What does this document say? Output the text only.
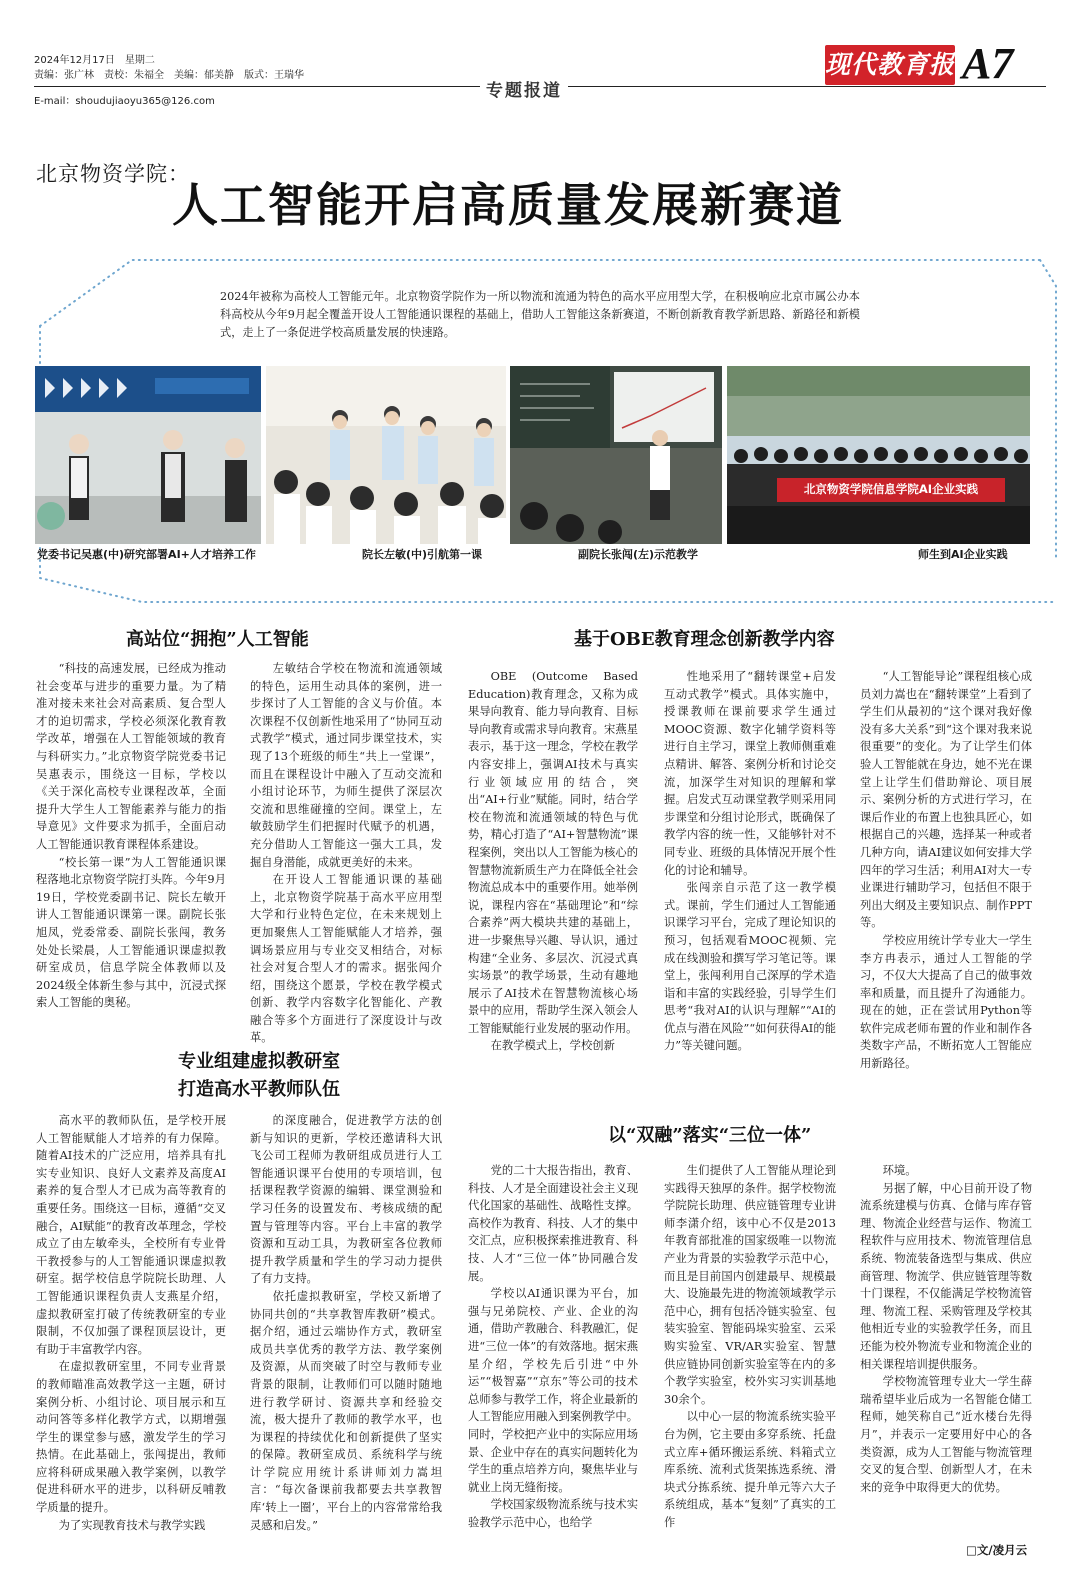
2024年12月17日　星期二
责编：张广林　责校：朱福全　美编：郁美静　版式：王瑞华
E-mail：shoudujiaoyu365@126.com
专题报道
现代教育报 A7
北京物资学院：
人工智能开启高质量发展新赛道
2024年被称为高校人工智能元年。北京物资学院作为一所以物流和流通为特色的高水平应用型大学，在积极响应北京市属公办本科高校从今年9月起全覆盖开设人工智能通识课程的基础上，借助人工智能这条新赛道，不断创新教育教学新思路、新路径和新模式，走上了一条促进学校高质量发展的快速路。
北京物资学院信息学院AI企业实践
党委书记吴惠(中)研究部署AI+人才培养工作	院长左敏(中)引航第一课	副院长张闯(左)示范教学	师生到AI企业实践
高站位“拥抱”人工智能	基于OBE教育理念创新教学内容
专业组建虚拟教研室
打造高水平教师队伍
以“双融”落实“三位一体”

“科技的高速发展，已经成为推动社会变革与进步的重要力量。为了精准对接未来社会对高素质、复合型人才的迫切需求，学校必须深化教育教学改革，增强在人工智能领域的教育与科研实力。”北京物资学院党委书记吴惠表示，围绕这一目标，学校以《关于深化高校专业课程改革，全面提升大学生人工智能素养与能力的指导意见》文件要求为抓手，全面启动人工智能通识教育课程体系建设。

“校长第一课”为人工智能通识课程落地北京物资学院打头阵。今年9月19日，学校党委副书记、院长左敏开讲人工智能通识课第一课。副院长张旭凤，党委常委、副院长张闯，教务处处长梁晨，人工智能通识课虚拟教研室成员，信息学院全体教师以及2024级全体新生参与其中，沉浸式探索人工智能的奥秘。

左敏结合学校在物流和流通领域的特色，运用生动具体的案例，进一步探讨了人工智能的含义与价值。本次课程不仅创新性地采用了“协同互动式教学”模式，通过同步课堂技术，实现了13个班级的师生“共上一堂课”，而且在课程设计中融入了互动交流和小组讨论环节，为师生提供了深层次交流和思维碰撞的空间。课堂上，左敏鼓励学生们把握时代赋予的机遇，充分借助人工智能这一强大工具，发掘自身潜能，成就更美好的未来。

在开设人工智能通识课的基础上，北京物资学院基于高水平应用型大学和行业特色定位，在未来规划上更加聚焦人工智能赋能人才培养，强调场景应用与专业交叉相结合，对标社会对复合型人才的需求。据张闯介绍，围绕这个愿景，学校在教学模式创新、教学内容数字化智能化、产教融合等多个方面进行了深度设计与改革。

高水平的教师队伍，是学校开展人工智能赋能人才培养的有力保障。随着AI技术的广泛应用，培养具有扎实专业知识、良好人文素养及高度AI素养的复合型人才已成为高等教育的重要任务。围绕这一目标，遵循“交叉融合，AI赋能”的教育改革理念，学校成立了由左敏牵头，全校所有专业骨干教授参与的人工智能通识课虚拟教研室。据学校信息学院院长助理、人工智能通识课程负责人支燕星介绍，虚拟教研室打破了传统教研室的专业限制，不仅加强了课程顶层设计，更有助于丰富教学内容。

在虚拟教研室里，不同专业背景的教师瞄准高效教学这一主题，研讨案例分析、小组讨论、项目展示和互动问答等多样化教学方式，以期增强学生的课堂参与感，激发学生的学习热情。在此基础上，张闯提出，教师应将科研成果融入教学案例，以教学促进科研水平的进步，以科研反哺教学质量的提升。

为了实现教育技术与教学实践

的深度融合，促进教学方法的创新与知识的更新，学校还邀请科大讯飞公司工程师为教研组成员进行人工智能通识课平台使用的专项培训，包括课程教学资源的编辑、课堂测验和学习任务的设置发布、考核成绩的配置与管理等内容。平台上丰富的教学资源和互动工具，为教研室各位教师提升教学质量和学生的学习动力提供了有力支持。

依托虚拟教研室，学校又新增了协同共创的“共享教智库教研”模式。据介绍，通过云端协作方式，教研室成员共享优秀的教学方法、教学案例及资源，从而突破了时空与教师专业背景的限制，让教师们可以随时随地进行教学研讨、资源共享和经验交流，极大提升了教师的教学水平，也为课程的持续优化和创新提供了坚实的保障。教研室成员、系统科学与统计学院应用统计系讲师刘力嵩坦言：“每次备课前我都要去共享教智库‘转上一圈’，平台上的内容常常给我灵感和启发。”

OBE (Outcome Based Education)教育理念，又称为成果导向教育、能力导向教育、目标导向教育或需求导向教育。宋燕星表示，基于这一理念，学校在教学内容安排上，强调AI技术与真实行业领域应用的结合，突出“AI+行业”赋能。同时，结合学校在物流和流通领域的特色与优势，精心打造了“AI+智慧物流”课程案例，突出以人工智能为核心的智慧物流新质生产力在降低全社会物流总成本中的重要作用。她举例说，课程内容在“基础理论”和“综合素养”两大模块共建的基础上，进一步聚焦导兴趣、导认识，通过构建“全业务、多层次、沉浸式真实场景”的教学场景，生动有趣地展示了AI技术在智慧物流核心场景中的应用，帮助学生深入领会人工智能赋能行业发展的驱动作用。

在教学模式上，学校创新

性地采用了“翻转课堂+启发互动式教学”模式。具体实施中，授课教师在课前要求学生通过MOOC资源、数字化辅学资料等进行自主学习，课堂上教师侧重难点精讲、解答、案例分析和讨论交流，加深学生对知识的理解和掌握。启发式互动课堂教学则采用同步课堂和分组讨论形式，既确保了教学内容的统一性，又能够针对不同专业、班级的具体情况开展个性化的讨论和辅导。

张闯亲自示范了这一教学模式。课前，学生们通过人工智能通识课学习平台，完成了理论知识的预习，包括观看MOOC视频、完成在线测验和撰写学习笔记等。课堂上，张闯利用自己深厚的学术造诣和丰富的实践经验，引导学生们思考“我对AI的认识与理解”“AI的优点与潜在风险”“如何获得AI的能力”等关键问题。

“人工智能导论”课程组核心成员刘力嵩也在“翻转课堂”上看到了学生们从最初的“这个课对我好像没有多大关系”到“这个课对我来说很重要”的变化。为了让学生们体验人工智能就在身边，她不光在课堂上让学生们借助辩论、项目展示、案例分析的方式进行学习，在课后作业的布置上也独具匠心，如根据自己的兴趣，选择某一种或者几种方向，请AI建议如何安排大学四年的学习生活；利用AI对大一专业课进行辅助学习，包括但不限于列出大纲及主要知识点、制作PPT等。

学校应用统计学专业大一学生李方冉表示，通过人工智能的学习，不仅大大提高了自己的做事效率和质量，而且提升了沟通能力。现在的她，正在尝试用Python等软件完成老师布置的作业和制作各类数字产品，不断拓宽人工智能应用新路径。

党的二十大报告指出，教育、科技、人才是全面建设社会主义现代化国家的基础性、战略性支撑。高校作为教育、科技、人才的集中交汇点，应积极探索推进教育、科技、人才“三位一体”协同融合发展。

学校以AI通识课为平台，加强与兄弟院校、产业、企业的沟通，借助产教融合、科教融汇，促进“三位一体”的有效落地。据宋燕星介绍，学校先后引进“中外运”“极智嘉”“京东”等公司的技术总师参与教学工作，将企业最新的人工智能应用融入到案例教学中。同时，学校把产业中的实际应用场景、企业中存在的真实问题转化为学生的重点培养方向，聚焦毕业与就业上岗无缝衔接。

学校国家级物流系统与技术实验教学示范中心，也给学

生们提供了人工智能从理论到实践得天独厚的条件。据学校物流学院院长助理、供应链管理专业讲师李潇介绍，该中心不仅是2013年教育部批准的国家级唯一以物流产业为背景的实验教学示范中心，而且是目前国内创建最早、规模最大、设施最先进的物流领域教学示范中心，拥有包括冷链实验室、包装实验室、智能码垛实验室、云采购实验室、VR/AR实验室、智慧供应链协同创新实验室等在内的多个教学实验室，校外实习实训基地30余个。

以中心一层的物流系统实验平台为例，它主要由多穿系统、托盘式立库+循环搬运系统、料箱式立库系统、流利式货架拣选系统、滑块式分拣系统、提升单元等六大子系统组成，基本“复刻”了真实的工作

环境。

另据了解，中心目前开设了物流系统建模与仿真、仓储与库存管理、物流企业经营与运作、物流工程软件与应用技术、物流管理信息系统、物流装备选型与集成、供应商管理、物流学、供应链管理等数十门课程，不仅能满足学校物流管理、物流工程、采购管理及学校其他相近专业的实验教学任务，而且还能为校外物流专业和物流企业的相关课程培训提供服务。

学校物流管理专业大一学生薛瑞希望毕业后成为一名智能仓储工程师，她笑称自己“近水楼台先得月”，并表示一定要用好中心的各类资源，成为人工智能与物流管理交叉的复合型、创新型人才，在未来的竞争中取得更大的优势。

□文/凌月云
